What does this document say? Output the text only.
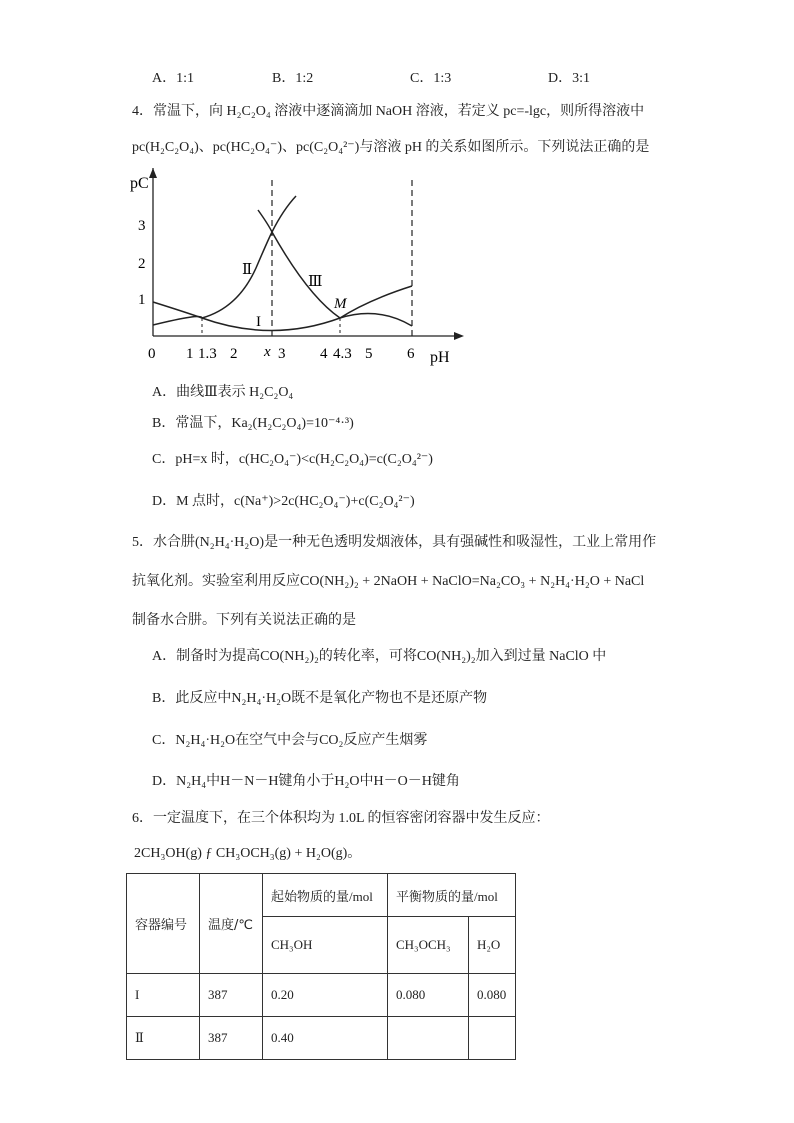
A．1:1	B．1:2	C．1:3	D．3:1
4．常温下，向 H₂C₂O₄ 溶液中逐滴滴加 NaOH 溶液，若定义 pc=-lgc，则所得溶液中
pc(H₂C₂O₄)、pc(HC₂O₄⁻)、pc(C₂O₄²⁻)与溶液 pH 的关系如图所示。下列说法正确的是
pC
pH
1
2
3
0 1 1.3 2 x 3 4 4.3 5 6
I
Ⅱ
Ⅲ
M
A．曲线Ⅲ表示 H₂C₂O₄
B．常温下，Ka₂(H₂C₂O₄)=10⁻⁴·³)
C．pH=x 时，c(HC₂O₄⁻)<c(H₂C₂O₄)=c(C₂O₄²⁻)
D．M 点时，c(Na⁺)>2c(HC₂O₄⁻)+c(C₂O₄²⁻)
5．水合肼(N₂H₄·H₂O)是一种无色透明发烟液体，具有强碱性和吸湿性，工业上常用作
抗氧化剂。实验室利用反应CO(NH₂)₂ + 2NaOH + NaClO=Na₂CO₃ + N₂H₄·H₂O + NaCl
制备水合肼。下列有关说法正确的是
A．制备时为提高CO(NH₂)₂的转化率，可将CO(NH₂)₂加入到过量 NaClO 中
B．此反应中N₂H₄·H₂O既不是氧化产物也不是还原产物
C．N₂H₄·H₂O在空气中会与CO₂反应产生烟雾
D．N₂H₄中H－N－H键角小于H₂O中H－O－H键角
6．一定温度下，在三个体积均为 1.0L 的恒容密闭容器中发生反应：
2CH₃OH(g) ƒ CH₃OCH₃(g) + H₂O(g)。
容器编号	温度/℃	起始物质的量/mol	平衡物质的量/mol	
		CH₃OH	CH₃OCH₃	H₂O
I	387	0.20	0.080	0.080
Ⅱ	387	0.40		
